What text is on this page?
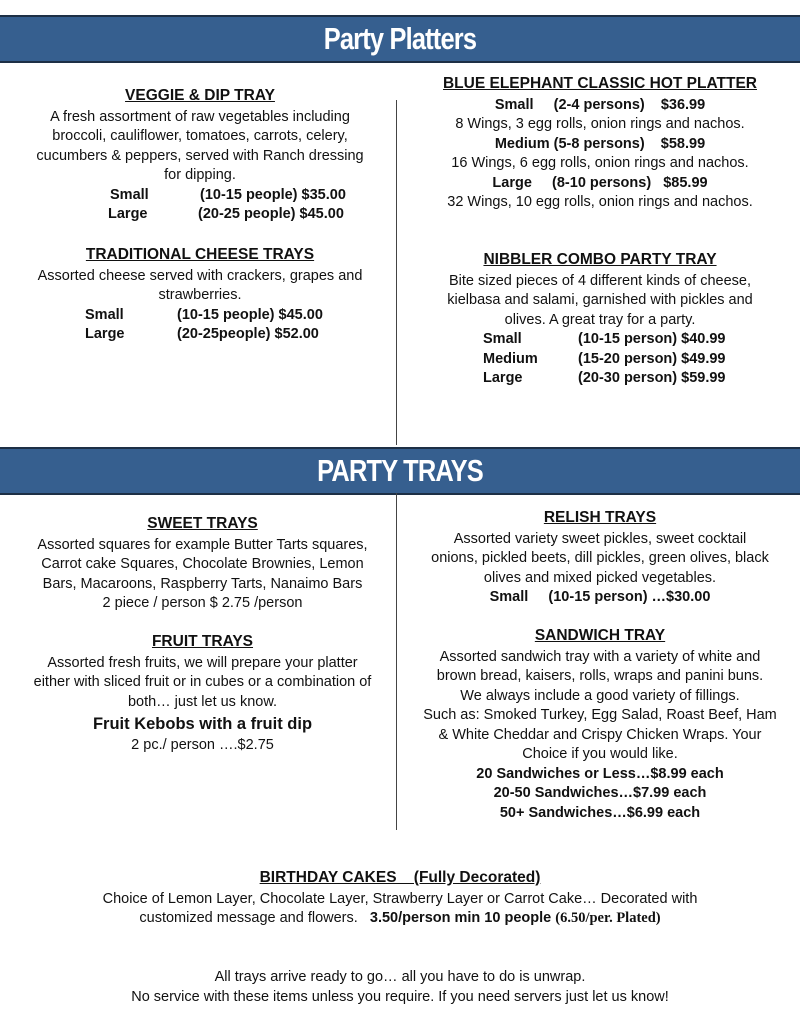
Party Platters
VEGGIE & DIP TRAY
A fresh assortment of raw vegetables including
broccoli, cauliflower, tomatoes, carrots, celery,
cucumbers & peppers, served with Ranch dressing
for dipping.
Small	(10-15 people) $35.00
Large	(20-25 people) $45.00
TRADITIONAL CHEESE TRAYS
Assorted cheese served with crackers, grapes and
strawberries.
Small	(10-15 people) $45.00
Large	(20-25people) $52.00
BLUE ELEPHANT CLASSIC HOT PLATTER
Small     (2-4 persons)    $36.99
8 Wings, 3 egg rolls, onion rings and nachos.
Medium (5-8 persons)    $58.99
16 Wings, 6 egg rolls, onion rings and nachos.
Large     (8-10 persons)   $85.99
32 Wings, 10 egg rolls, onion rings and nachos.
NIBBLER COMBO PARTY TRAY
Bite sized pieces of 4 different kinds of cheese,
kielbasa and salami, garnished with pickles and
olives. A great tray for a party.
Small	(10-15 person) $40.99
Medium	(15-20 person) $49.99
Large	(20-30 person) $59.99
PARTY TRAYS
SWEET TRAYS
Assorted squares for example Butter Tarts squares,
Carrot cake Squares, Chocolate Brownies, Lemon
Bars, Macaroons, Raspberry Tarts, Nanaimo Bars
2 piece / person $ 2.75 /person
FRUIT TRAYS
Assorted fresh fruits, we will prepare your platter
either with sliced fruit or in cubes or a combination of
both… just let us know.
Fruit Kebobs with a fruit dip
2 pc./ person ….$2.75
RELISH TRAYS
Assorted variety sweet pickles, sweet cocktail
onions, pickled beets, dill pickles, green olives, black
olives and mixed picked vegetables.
Small     (10-15 person) …$30.00
SANDWICH TRAY
Assorted sandwich tray with a variety of white and
brown bread, kaisers, rolls, wraps and panini buns.
We always include a good variety of fillings.
Such as: Smoked Turkey, Egg Salad, Roast Beef, Ham
& White Cheddar and Crispy Chicken Wraps. Your
Choice if you would like.
20 Sandwiches or Less…$8.99 each
20-50 Sandwiches…$7.99 each
50+ Sandwiches…$6.99 each
BIRTHDAY CAKES    (Fully Decorated)
Choice of Lemon Layer, Chocolate Layer, Strawberry Layer or Carrot Cake… Decorated with
customized message and flowers. 3.50/person min 10 people (6.50/per. Plated)
All trays arrive ready to go… all you have to do is unwrap.
No service with these items unless you require. If you need servers just let us know!
